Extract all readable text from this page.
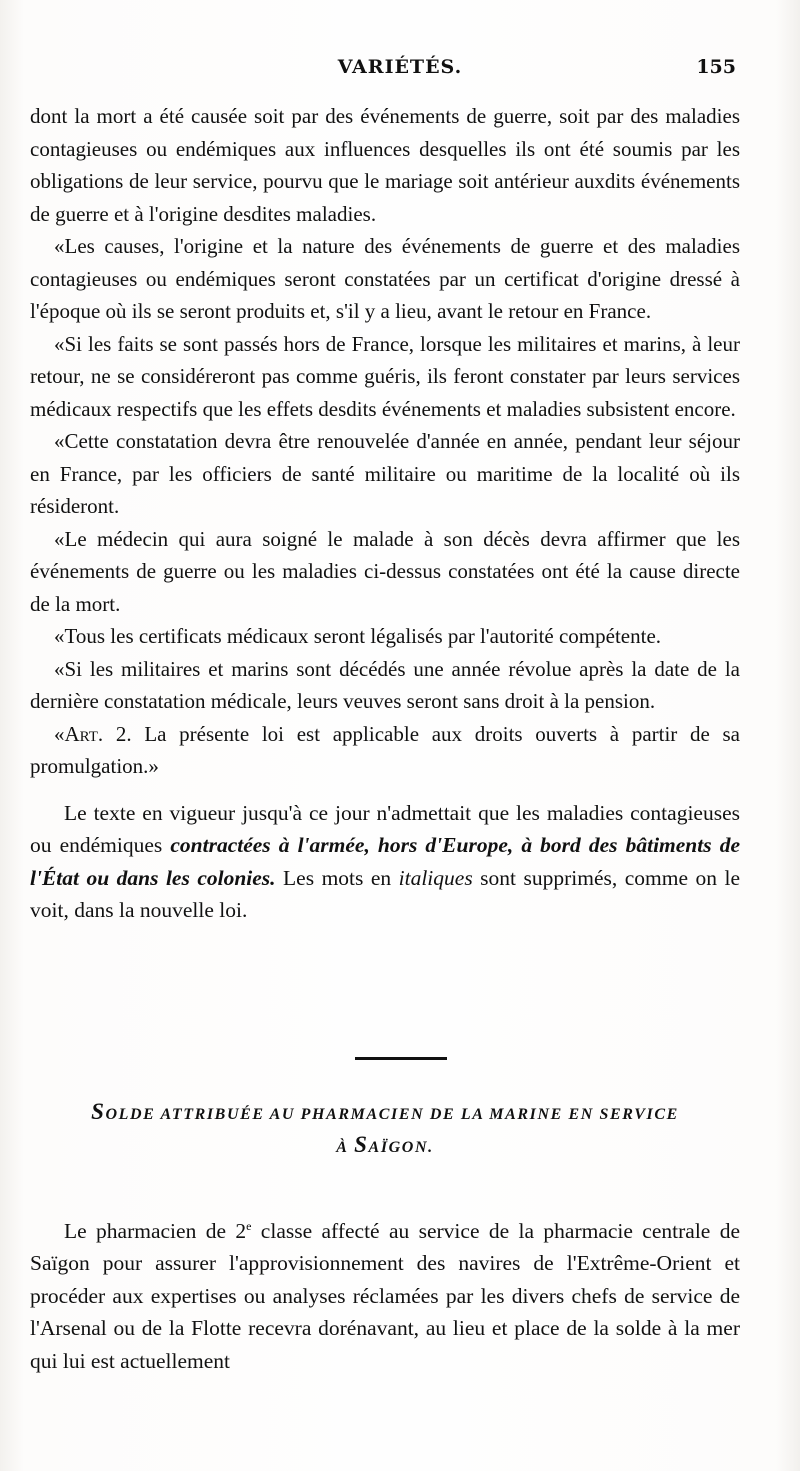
VARIÉTÉS.	155

dont la mort a été causée soit par des événements de guerre, soit par des maladies contagieuses ou endémiques aux influences desquelles ils ont été soumis par les obligations de leur service, pourvu que le mariage soit antérieur auxdits événements de guerre et à l'origine desdites maladies.

«Les causes, l'origine et la nature des événements de guerre et des maladies contagieuses ou endémiques seront constatées par un certificat d'origine dressé à l'époque où ils se seront produits et, s'il y a lieu, avant le retour en France.

«Si les faits se sont passés hors de France, lorsque les militaires et marins, à leur retour, ne se considéreront pas comme guéris, ils feront constater par leurs services médicaux respectifs que les effets desdits événements et maladies subsistent encore.

«Cette constatation devra être renouvelée d'année en année, pendant leur séjour en France, par les officiers de santé militaire ou maritime de la localité où ils résideront.

«Le médecin qui aura soigné le malade à son décès devra affirmer que les événements de guerre ou les maladies ci-dessus constatées ont été la cause directe de la mort.

«Tous les certificats médicaux seront légalisés par l'autorité compétente.

«Si les militaires et marins sont décédés une année révolue après la date de la dernière constatation médicale, leurs veuves seront sans droit à la pension.

«Art. 2. La présente loi est applicable aux droits ouverts à partir de sa promulgation.»

Le texte en vigueur jusqu'à ce jour n'admettait que les maladies contagieuses ou endémiques contractées à l'armée, hors d'Europe, à bord des bâtiments de l'État ou dans les colonies. Les mots en italiques sont supprimés, comme on le voit, dans la nouvelle loi.

SOLDE ATTRIBUÉE AU PHARMACIEN DE LA MARINE EN SERVICE
À SAÏGON.

Le pharmacien de 2e classe affecté au service de la pharmacie centrale de Saïgon pour assurer l'approvisionnement des navires de l'Extrême-Orient et procéder aux expertises ou analyses réclamées par les divers chefs de service de l'Arsenal ou de la Flotte recevra dorénavant, au lieu et place de la solde à la mer qui lui est actuellement
